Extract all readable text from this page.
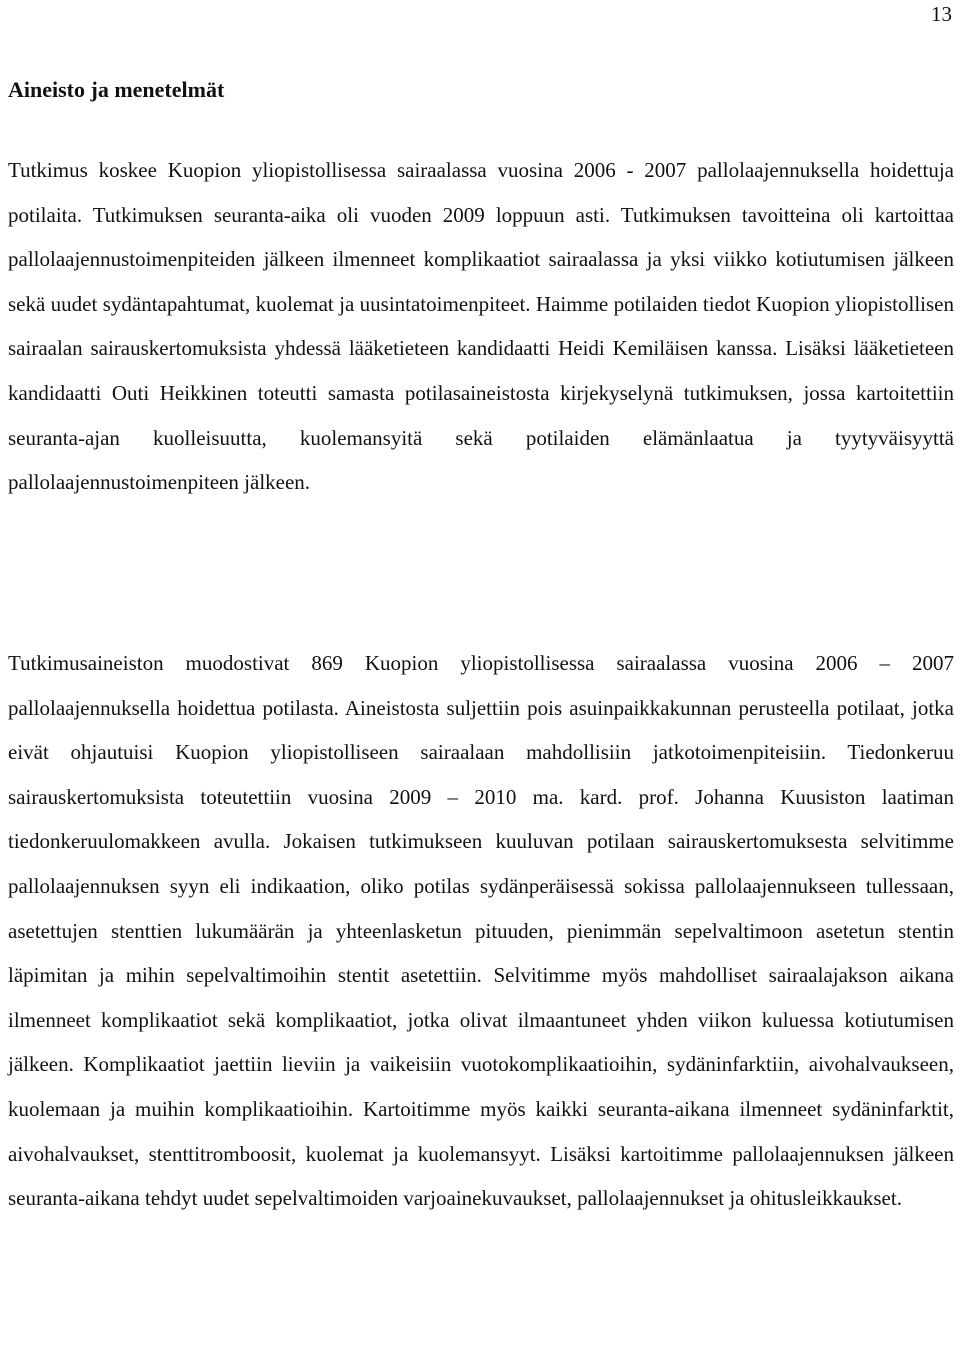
13
Aineisto ja menetelmät

Tutkimus koskee Kuopion yliopistollisessa sairaalassa vuosina 2006 - 2007 pallolaajennuksella hoidettuja potilaita. Tutkimuksen seuranta-aika oli vuoden 2009 loppuun asti. Tutkimuksen tavoitteina oli kartoittaa pallolaajennustoimenpiteiden jälkeen ilmenneet komplikaatiot sairaalassa ja yksi viikko kotiutumisen jälkeen sekä uudet sydäntapahtumat, kuolemat ja uusintatoimenpiteet. Haimme potilaiden tiedot Kuopion yliopistollisen sairaalan sairauskertomuksista yhdessä lääketieteen kandidaatti Heidi Kemiläisen kanssa. Lisäksi lääketieteen kandidaatti Outi Heikkinen toteutti samasta potilasaineistosta kirjekyselynä tutkimuksen, jossa kartoitettiin seuranta-ajan kuolleisuutta, kuolemansyitä sekä potilaiden elämänlaatua ja tyytyväisyyttä pallolaajennustoimenpiteen jälkeen.

Tutkimusaineiston muodostivat 869 Kuopion yliopistollisessa sairaalassa vuosina 2006 – 2007 pallolaajennuksella hoidettua potilasta. Aineistosta suljettiin pois asuinpaikkakunnan perusteella potilaat, jotka eivät ohjautuisi Kuopion yliopistolliseen sairaalaan mahdollisiin jatkotoimenpiteisiin. Tiedonkeruu sairauskertomuksista toteutettiin vuosina 2009 – 2010 ma. kard. prof. Johanna Kuusiston laatiman tiedonkeruulomakkeen avulla. Jokaisen tutkimukseen kuuluvan potilaan sairauskertomuksesta selvitimme pallolaajennuksen syyn eli indikaation, oliko potilas sydänperäisessä sokissa pallolaajennukseen tullessaan, asetettujen stenttien lukumäärän ja yhteenlasketun pituuden, pienimmän sepelvaltimoon asetetun stentin läpimitan ja mihin sepelvaltimoihin stentit asetettiin. Selvitimme myös mahdolliset sairaalajakson aikana ilmenneet komplikaatiot sekä komplikaatiot, jotka olivat ilmaantuneet yhden viikon kuluessa kotiutumisen jälkeen. Komplikaatiot jaettiin lieviin ja vaikeisiin vuotokomplikaatioihin, sydäninfarktiin, aivohalvaukseen, kuolemaan ja muihin komplikaatioihin. Kartoitimme myös kaikki seuranta-aikana ilmenneet sydäninfarktit, aivohalvaukset, stenttitromboosit, kuolemat ja kuolemansyyt. Lisäksi kartoitimme pallolaajennuksen jälkeen seuranta-aikana tehdyt uudet sepelvaltimoiden varjoainekuvaukset, pallolaajennukset ja ohitusleikkaukset.
